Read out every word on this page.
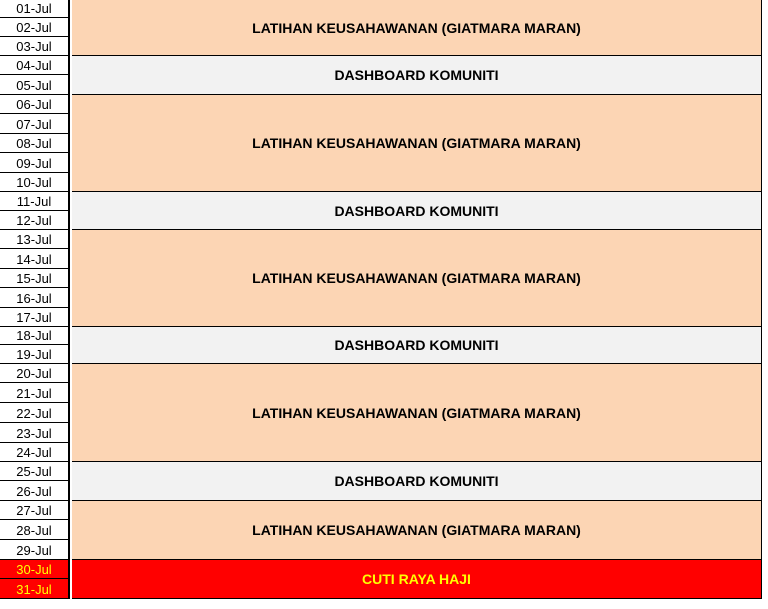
01-Jul
02-Jul
03-Jul
04-Jul
05-Jul
06-Jul
07-Jul
08-Jul
09-Jul
10-Jul
11-Jul
12-Jul
13-Jul
14-Jul
15-Jul
16-Jul
17-Jul
18-Jul
19-Jul
20-Jul
21-Jul
22-Jul
23-Jul
24-Jul
25-Jul
26-Jul
27-Jul
28-Jul
29-Jul
30-Jul
31-Jul
LATIHAN KEUSAHAWANAN (GIATMARA MARAN)
DASHBOARD KOMUNITI
LATIHAN KEUSAHAWANAN (GIATMARA MARAN)
DASHBOARD KOMUNITI
LATIHAN KEUSAHAWANAN (GIATMARA MARAN)
DASHBOARD KOMUNITI
LATIHAN KEUSAHAWANAN (GIATMARA MARAN)
DASHBOARD KOMUNITI
LATIHAN KEUSAHAWANAN (GIATMARA MARAN)
CUTI RAYA HAJI
